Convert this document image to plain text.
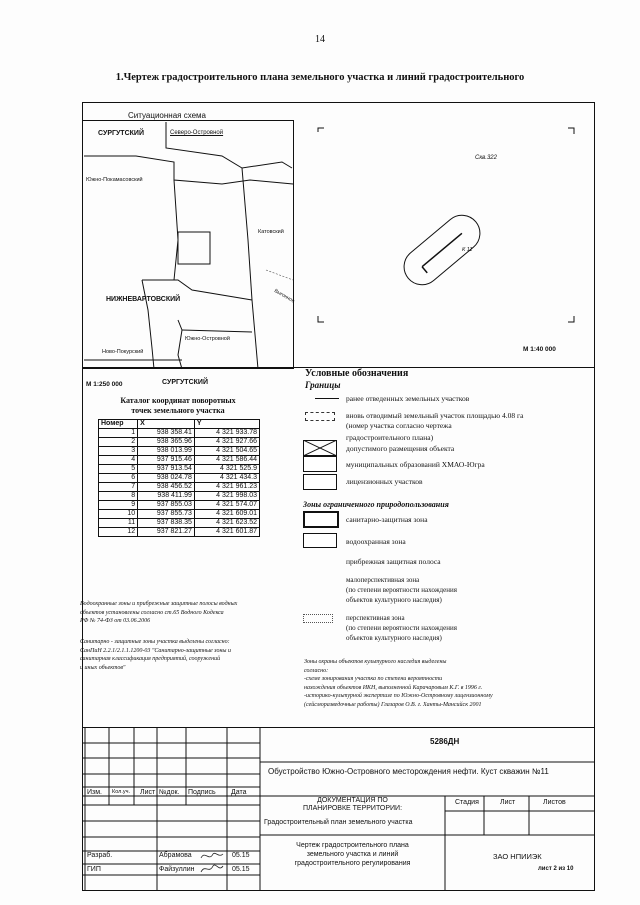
14
1.Чертеж градостроительного плана земельного участка и линий градостроительного
Ситуационная схема
СУРГУТСКИЙ	Северо-Островной
Южно-Покамасовский
Катовский
НИЖНЕВАРТОВСКИЙ	Выгонное
Южно-Островной
Ново-Покурский
М 1:250 000	СУРГУТСКИЙ
Скв.322
К 11
М 1:40 000
Каталог координат поворотных
точек земельного участка
Номер	X	Y
1	938 358.41	4 321 933.78
2	938 365.96	4 321 927.66
3	938 013.99	4 321 504.65
4	937 915.46	4 321 586.44
5	937 913.54	4 321 525.9
6	938 024.78	4 321 434.3
7	938 456.52	4 321 961.23
8	938 411.99	4 321 998.03
9	937 855.03	4 321 574.07
10	937 855.73	4 321 609.01
11	937 838.35	4 321 623.52
12	937 821.27	4 321 601.87
Условные обозначения
Границы
ранее отведенных земельных участков
вновь отводимый земельный участок площадью 4.08 га
(номер участка согласно чертежа
градостроительного плана)
допустимого размещения объекта
муниципальных образований ХМАО-Югра
лицензионных участков
Зоны ограниченного природопользования
санитарно-защитная зона
водоохранная зона
прибрежная защитная полоса
малоперспективная зона
(по степени вероятности нахождения
объектов культурного наследия)
перспективная зона
(по степени вероятности нахождения
объектов культурного наследия)
Зоны охраны объектов культурного наследия выделены
согласно:
-схеме зонирования участка по степени вероятности
нахождения объектов ИКН, выполненной Карачаровым К.Г. в 1996 г.
-историко-культурной экспертизе по Южно-Островному лицензионному
(сейсморазведочные работы) Глазаров О.В. г. Ханты-Мансийск 2001
Водоохранные зоны и прибрежные защитные полосы водных
объектов установлены согласно ст.65 Водного Кодекса
РФ № 74-ФЗ от 03.06.2006
Санитарно - защитные зоны участка выделены согласно:
СанПиН 2.2.1/2.1.1.1200-03 "Санитарно-защитные зоны и
санитарная классификация предприятий, сооружений
и иных объектов"
5286ДН
Обустройство Южно-Островного месторождения нефти. Куст скважин №11
Изм. Кол.уч. Лист №док. Подпись Дата
ДОКУМЕНТАЦИЯ ПО
ПЛАНИРОВКЕ ТЕРРИТОРИИ:
Стадия	Лист	Листов
Градостроительный план земельного участка
Чертеж градостроительного плана
земельного участка и линий
градостроительного регулирования
ЗАО НПИИЭК
лист 2 из 10
Разраб.	Абрамова	05.15
ГИП	Файзуллин	05.15
